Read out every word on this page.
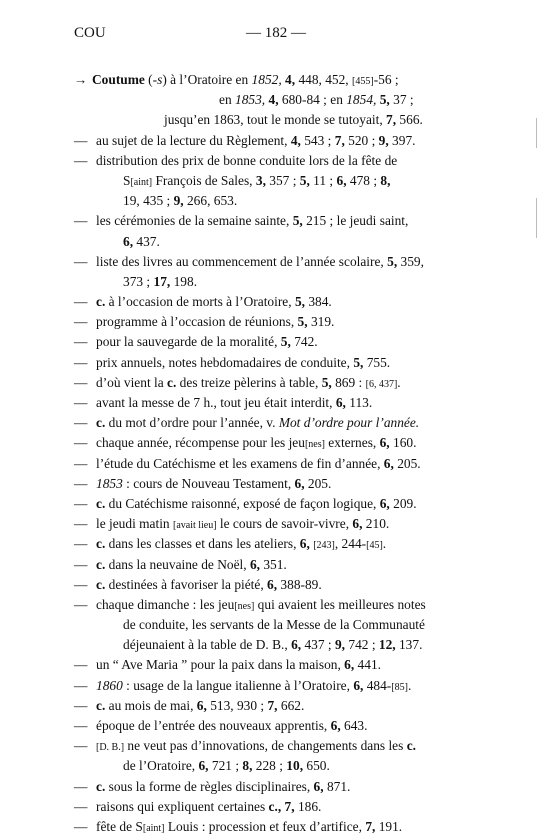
COU	— 182 —
Coutume (-s) à l’Oratoire en 1852, 4, 448, 452, [455]-56 ;
→
en 1853, 4, 680-84 ; en 1854, 5, 37 ;
jusqu’en 1863, tout le monde se tutoyait, 7, 566.
au sujet de la lecture du Règlement, 4, 543 ; 7, 520 ; 9, 397.
—
distribution des prix de bonne conduite lors de la fête de
—
S[aint] François de Sales, 3, 357 ; 5, 11 ; 6, 478 ; 8,
19, 435 ; 9, 266, 653.
les cérémonies de la semaine sainte, 5, 215 ; le jeudi saint,
—
6, 437.
liste des livres au commencement de l’année scolaire, 5, 359,
—
373 ; 17, 198.
c. à l’occasion de morts à l’Oratoire, 5, 384.
—
programme à l’occasion de réunions, 5, 319.
—
pour la sauvegarde de la moralité, 5, 742.
—
prix annuels, notes hebdomadaires de conduite, 5, 755.
—
d’où vient la c. des treize pèlerins à table, 5, 869 : [6, 437].
—
avant la messe de 7 h., tout jeu était interdit, 6, 113.
—
c. du mot d’ordre pour l’année, v. Mot d’ordre pour l’année.
—
chaque année, récompense pour les jeu[nes] externes, 6, 160.
—
l’étude du Catéchisme et les examens de fin d’année, 6, 205.
—
1853 : cours de Nouveau Testament, 6, 205.
—
c. du Catéchisme raisonné, exposé de façon logique, 6, 209.
—
le jeudi matin [avait lieu] le cours de savoir-vivre, 6, 210.
—
c. dans les classes et dans les ateliers, 6, [243], 244-[45].
—
c. dans la neuvaine de Noël, 6, 351.
—
c. destinées à favoriser la piété, 6, 388-89.
—
chaque dimanche : les jeu[nes] qui avaient les meilleures notes
—
de conduite, les servants de la Messe de la Communauté
déjeunaient à la table de D. B., 6, 437 ; 9, 742 ; 12, 137.
un “ Ave Maria ” pour la paix dans la maison, 6, 441.
—
1860 : usage de la langue italienne à l’Oratoire, 6, 484-[85].
—
c. au mois de mai, 6, 513, 930 ; 7, 662.
—
époque de l’entrée des nouveaux apprentis, 6, 643.
—
[D. B.] ne veut pas d’innovations, de changements dans les c.
—
de l’Oratoire, 6, 721 ; 8, 228 ; 10, 650.
c. sous la forme de règles disciplinaires, 6, 871.
—
raisons qui expliquent certaines c., 7, 186.
—
fête de S[aint] Louis : procession et feux d’artifice, 7, 191.
—
